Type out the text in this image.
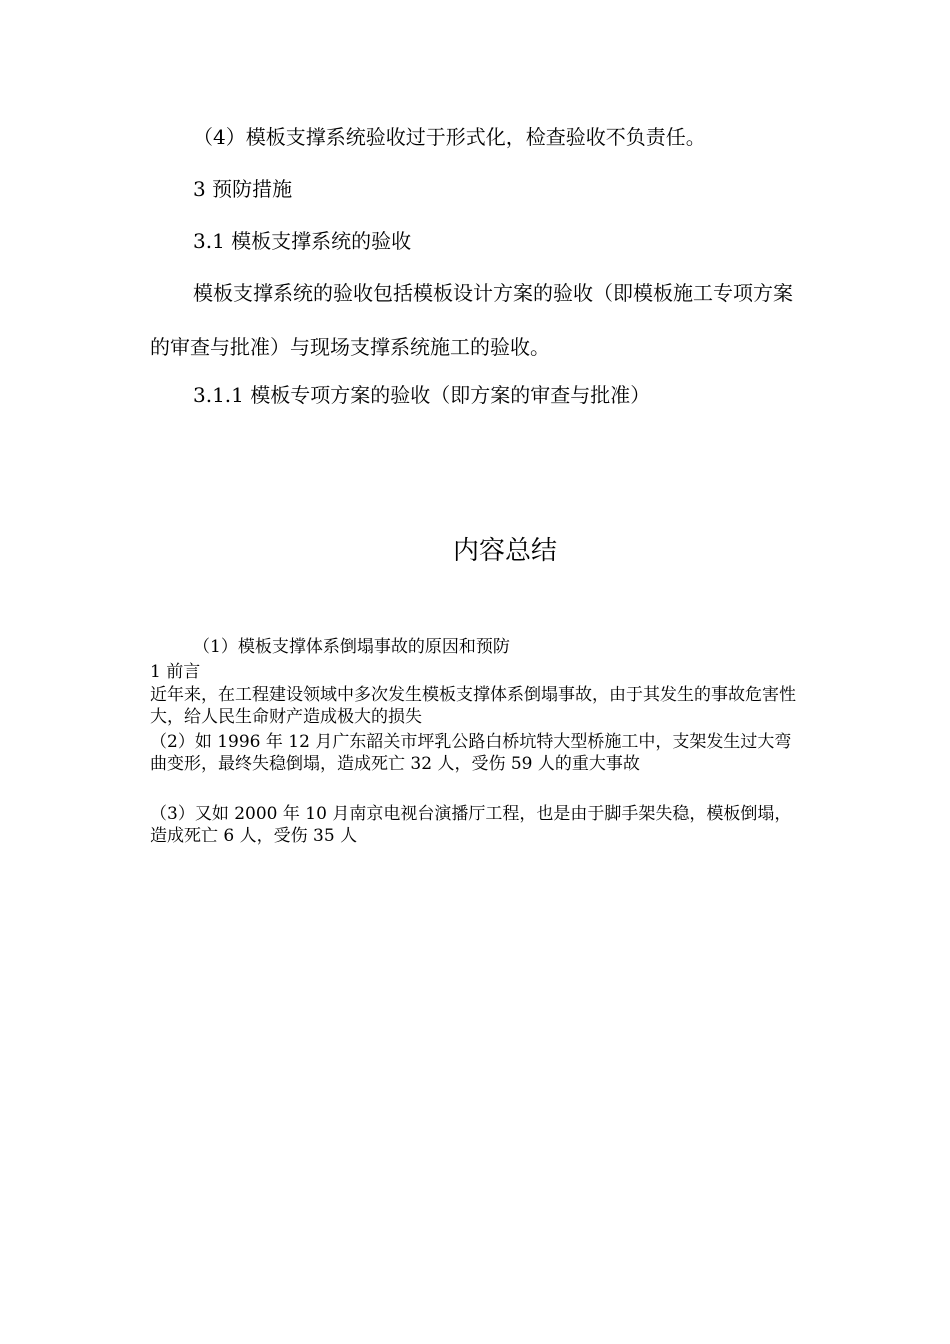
（4）模板支撑系统验收过于形式化，检查验收不负责任。
3 预防措施
3.1 模板支撑系统的验收
模板支撑系统的验收包括模板设计方案的验收（即模板施工专项方案的审查与批准）与现场支撑系统施工的验收。
3.1.1 模板专项方案的验收（即方案的审查与批准）
内容总结
（1）模板支撑体系倒塌事故的原因和预防
1 前言
近年来，在工程建设领域中多次发生模板支撑体系倒塌事故，由于其发生的事故危害性大，给人民生命财产造成极大的损失
（2）如 1996 年 12 月广东韶关市坪乳公路白桥坑特大型桥施工中，支架发生过大弯曲变形，最终失稳倒塌，造成死亡 32 人，受伤 59 人的重大事故
（3）又如 2000 年 10 月南京电视台演播厅工程，也是由于脚手架失稳，模板倒塌，造成死亡 6 人，受伤 35 人
